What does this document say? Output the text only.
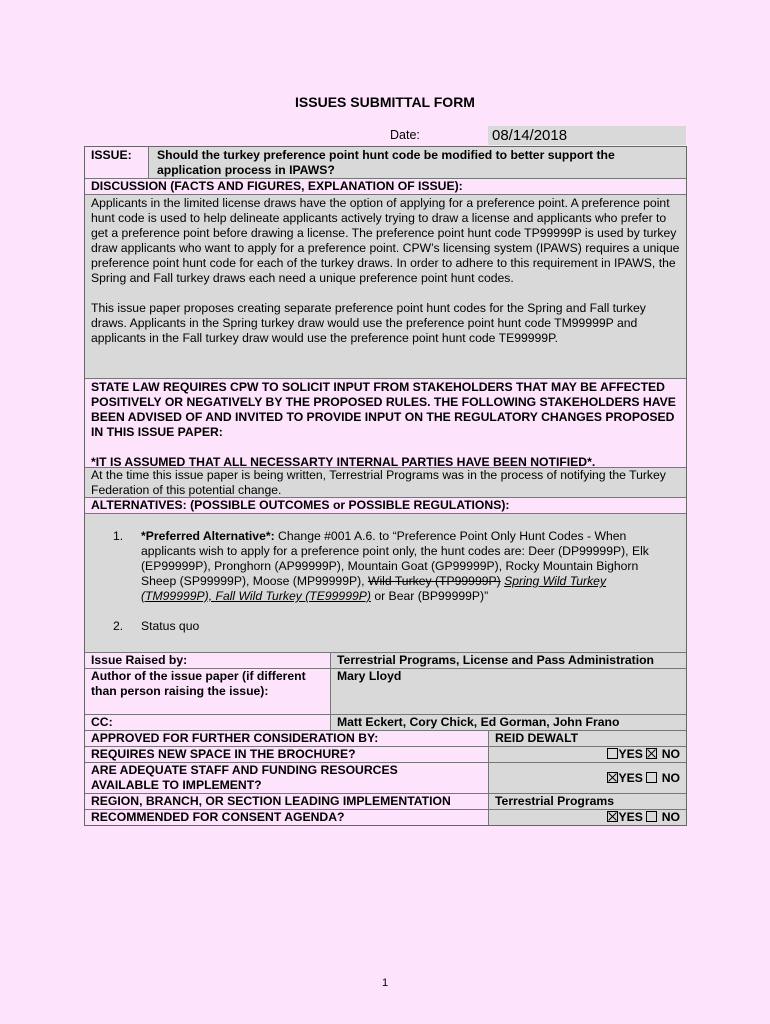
ISSUES SUBMITTAL FORM
Date:	08/14/2018
ISSUE:	Should the turkey preference point hunt code be modified to better support the application process in IPAWS?
DISCUSSION (FACTS AND FIGURES, EXPLANATION OF ISSUE):

Applicants in the limited license draws have the option of applying for a preference point. A preference point hunt code is used to help delineate applicants actively trying to draw a license and applicants who prefer to get a preference point before drawing a license. The preference point hunt code TP99999P is used by turkey draw applicants who want to apply for a preference point. CPW’s licensing system (IPAWS) requires a unique preference point hunt code for each of the turkey draws. In order to adhere to this requirement in IPAWS, the Spring and Fall turkey draws each need a unique preference point hunt codes.

This issue paper proposes creating separate preference point hunt codes for the Spring and Fall turkey draws. Applicants in the Spring turkey draw would use the preference point hunt code TM99999P and applicants in the Fall turkey draw would use the preference point hunt code TE99999P.

STATE LAW REQUIRES CPW TO SOLICIT INPUT FROM STAKEHOLDERS THAT MAY BE AFFECTED POSITIVELY OR NEGATIVELY BY THE PROPOSED RULES. THE FOLLOWING STAKEHOLDERS HAVE BEEN ADVISED OF AND INVITED TO PROVIDE INPUT ON THE REGULATORY CHANGES PROPOSED IN THIS ISSUE PAPER:
*IT IS ASSUMED THAT ALL NECESSARTY INTERNAL PARTIES HAVE BEEN NOTIFIED*.
At the time this issue paper is being written, Terrestrial Programs was in the process of notifying the Turkey Federation of this potential change.
ALTERNATIVES: (POSSIBLE OUTCOMES or POSSIBLE REGULATIONS):
1.	*Preferred Alternative*: Change #001 A.6. to “Preference Point Only Hunt Codes - When applicants wish to apply for a preference point only, the hunt codes are: Deer (DP99999P), Elk (EP99999P), Pronghorn (AP99999P), Mountain Goat (GP99999P), Rocky Mountain Bighorn Sheep (SP99999P), Moose (MP99999P), Wild Turkey (TP99999P) Spring Wild Turkey (TM99999P), Fall Wild Turkey (TE99999P) or Bear (BP99999P)”
2.	Status quo
Issue Raised by:	Terrestrial Programs, License and Pass Administration
Author of the issue paper (if different than person raising the issue):
Mary Lloyd
CC:	Matt Eckert, Cory Chick, Ed Gorman, John Frano
APPROVED FOR FURTHER CONSIDERATION BY:	REID DEWALT
REQUIRES NEW SPACE IN THE BROCHURE?	YES NO
ARE ADEQUATE STAFF AND FUNDING RESOURCES AVAILABLE TO IMPLEMENT?
YES NO
REGION, BRANCH, OR SECTION LEADING IMPLEMENTATION	Terrestrial Programs
RECOMMENDED FOR CONSENT AGENDA?	YES NO
1
